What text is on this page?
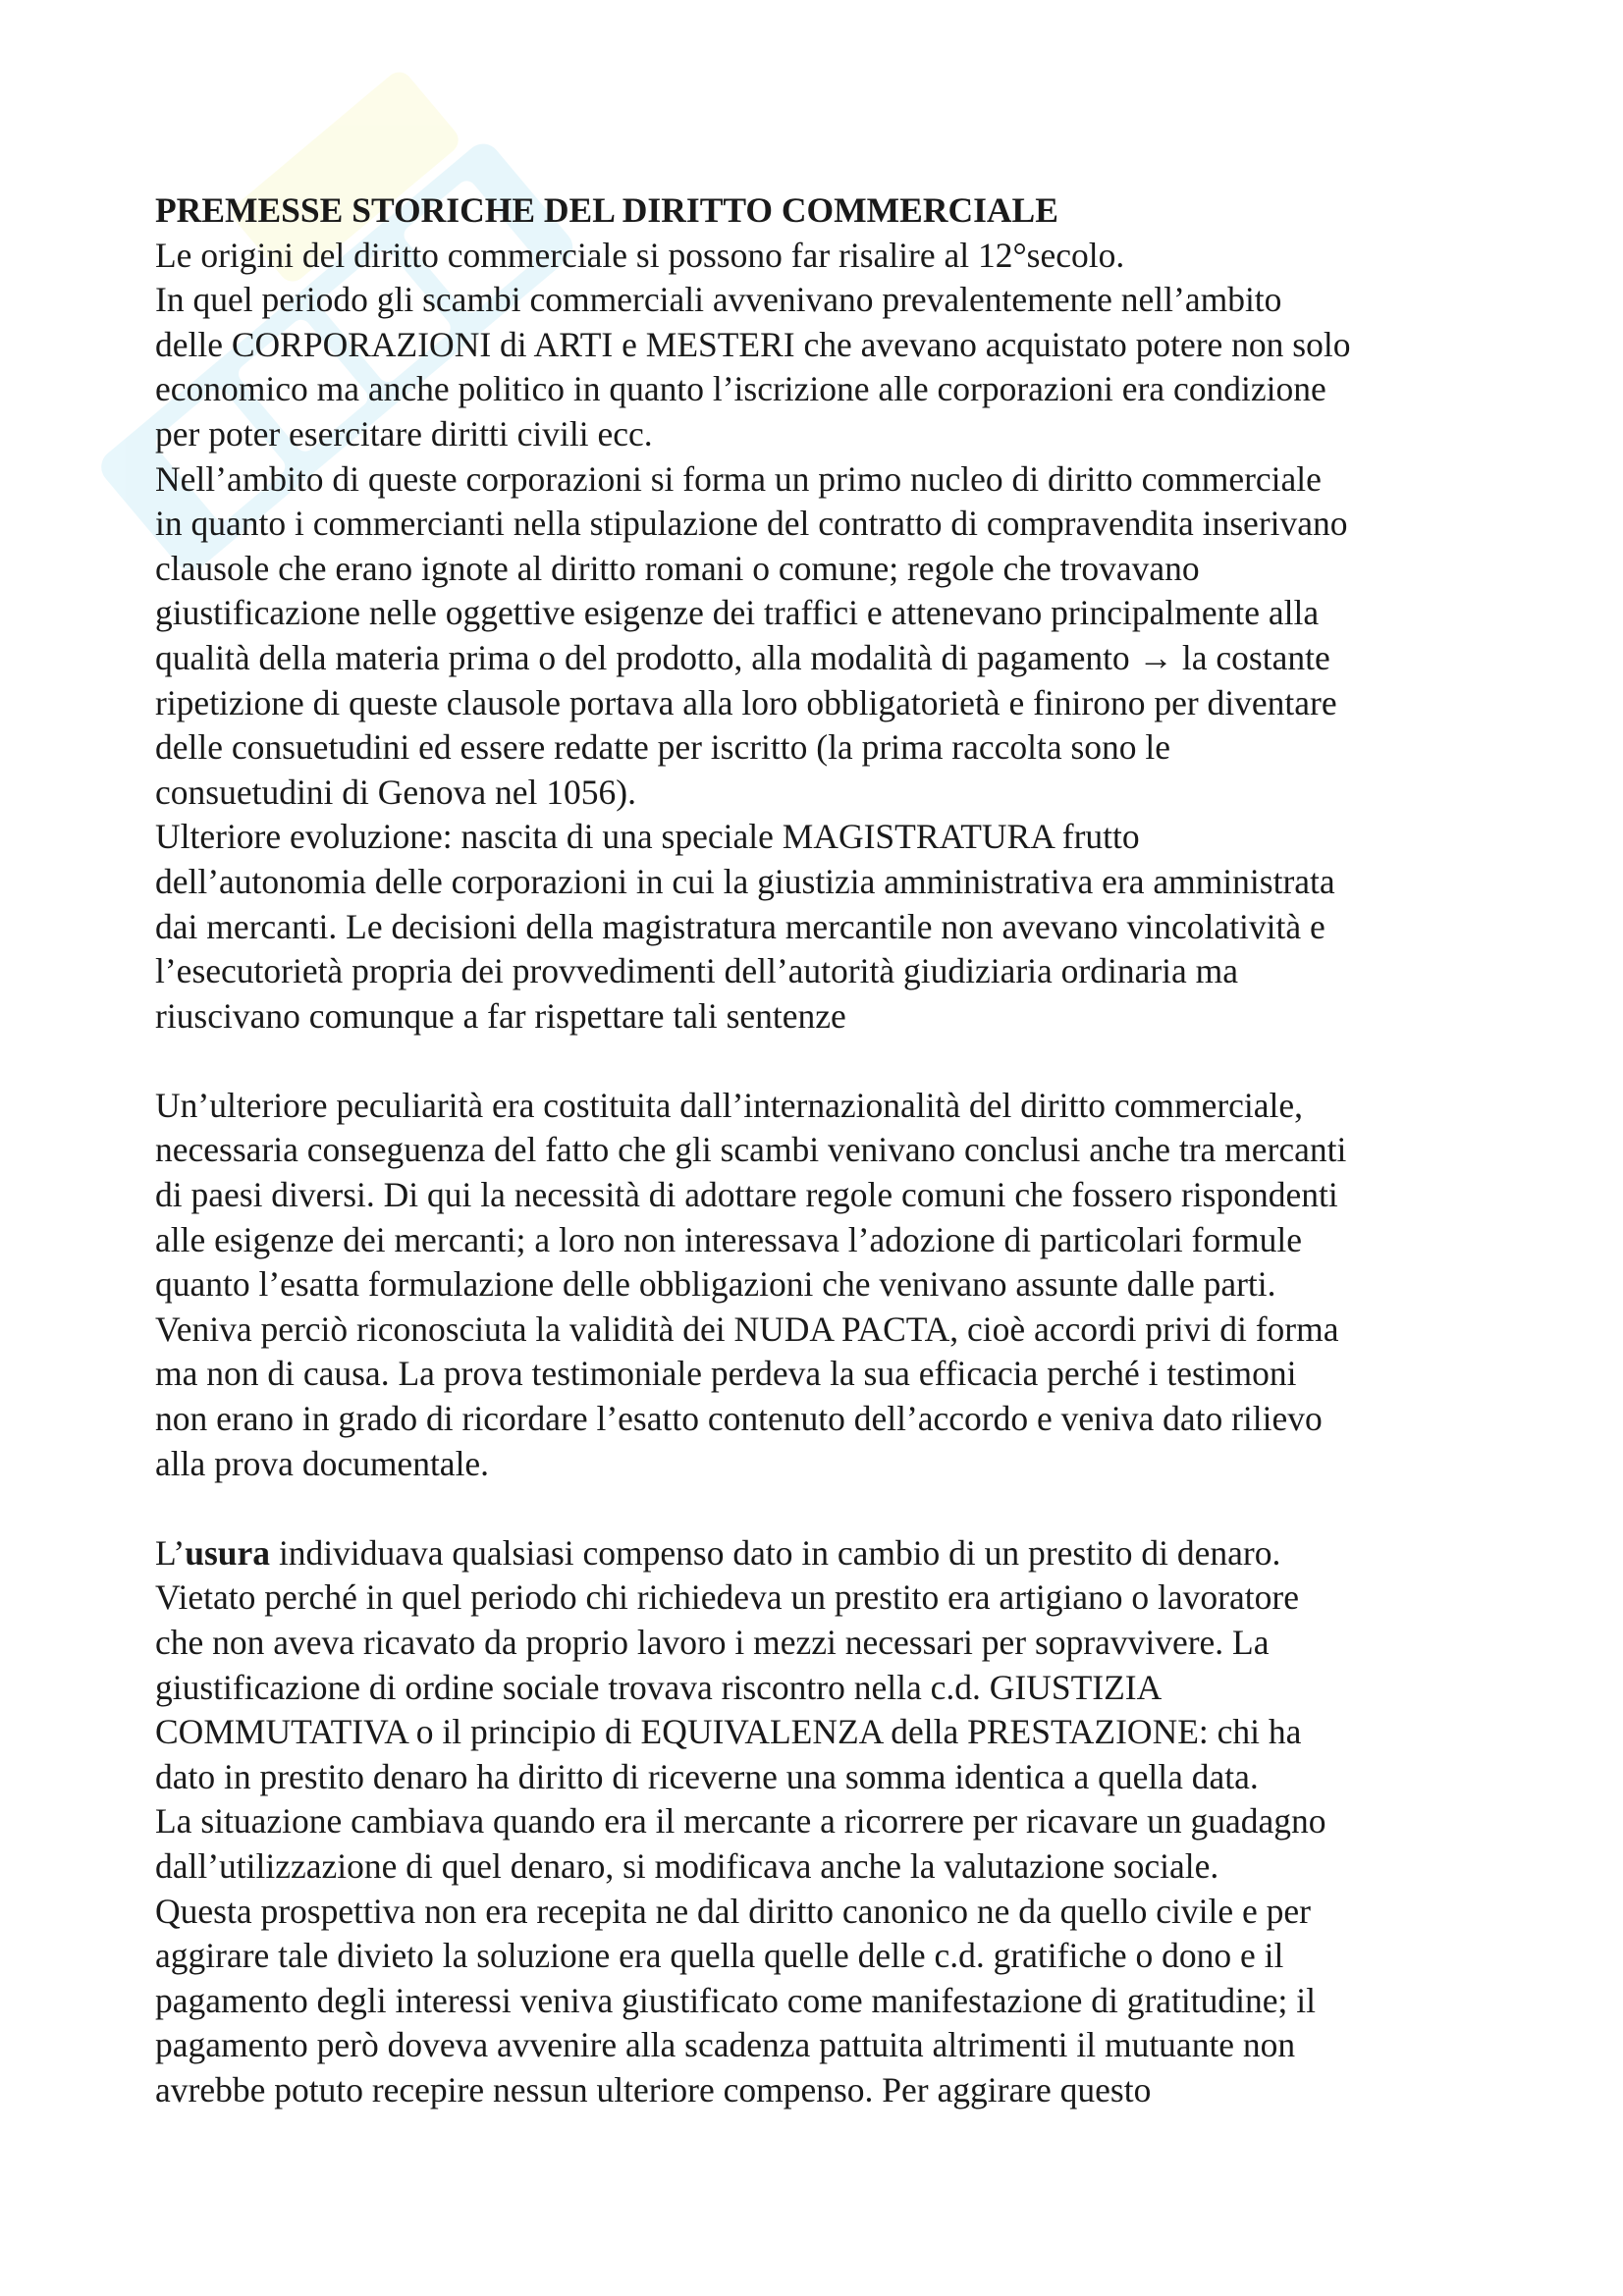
PREMESSE STORICHE DEL DIRITTO COMMERCIALE
Le origini del diritto commerciale si possono far risalire al 12°secolo.
In quel periodo gli scambi commerciali avvenivano prevalentemente nell’ambito
delle CORPORAZIONI di ARTI e MESTERI che avevano acquistato potere non solo
economico ma anche politico in quanto l’iscrizione alle corporazioni era condizione
per poter esercitare diritti civili ecc.
Nell’ambito di queste corporazioni si forma un primo nucleo di diritto commerciale
in quanto i commercianti nella stipulazione del contratto di compravendita inserivano
clausole che erano ignote al diritto romani o comune; regole che trovavano
giustificazione nelle oggettive esigenze dei traffici e attenevano principalmente alla
qualità della materia prima o del prodotto, alla modalità di pagamento → la costante
ripetizione di queste clausole portava alla loro obbligatorietà e finirono per diventare
delle consuetudini ed essere redatte per iscritto (la prima raccolta sono le
consuetudini di Genova nel 1056).
Ulteriore evoluzione: nascita di una speciale MAGISTRATURA frutto
dell’autonomia delle corporazioni in cui la giustizia amministrativa era amministrata
dai mercanti. Le decisioni della magistratura mercantile non avevano vincolatività e
l’esecutorietà propria dei provvedimenti dell’autorità giudiziaria ordinaria ma
riuscivano comunque a far rispettare tali sentenze
Un’ulteriore peculiarità era costituita dall’internazionalità del diritto commerciale,
necessaria conseguenza del fatto che gli scambi venivano conclusi anche tra mercanti
di paesi diversi. Di qui la necessità di adottare regole comuni che fossero rispondenti
alle esigenze dei mercanti; a loro non interessava l’adozione di particolari formule
quanto l’esatta formulazione delle obbligazioni che venivano assunte dalle parti.
Veniva perciò riconosciuta la validità dei NUDA PACTA, cioè accordi privi di forma
ma non di causa. La prova testimoniale perdeva la sua efficacia perché i testimoni
non erano in grado di ricordare l’esatto contenuto dell’accordo e veniva dato rilievo
alla prova documentale.
L’usura individuava qualsiasi compenso dato in cambio di un prestito di denaro.
Vietato perché in quel periodo chi richiedeva un prestito era artigiano o lavoratore
che non aveva ricavato da proprio lavoro i mezzi necessari per sopravvivere. La
giustificazione di ordine sociale trovava riscontro nella c.d. GIUSTIZIA
COMMUTATIVA o il principio di EQUIVALENZA della PRESTAZIONE: chi ha
dato in prestito denaro ha diritto di riceverne una somma identica a quella data.
La situazione cambiava quando era il mercante a ricorrere per ricavare un guadagno
dall’utilizzazione di quel denaro, si modificava anche la valutazione sociale.
Questa prospettiva non era recepita ne dal diritto canonico ne da quello civile e per
aggirare tale divieto la soluzione era quella quelle delle c.d. gratifiche o dono e il
pagamento degli interessi veniva giustificato come manifestazione di gratitudine; il
pagamento però doveva avvenire alla scadenza pattuita altrimenti il mutuante non
avrebbe potuto recepire nessun ulteriore compenso. Per aggirare questo
